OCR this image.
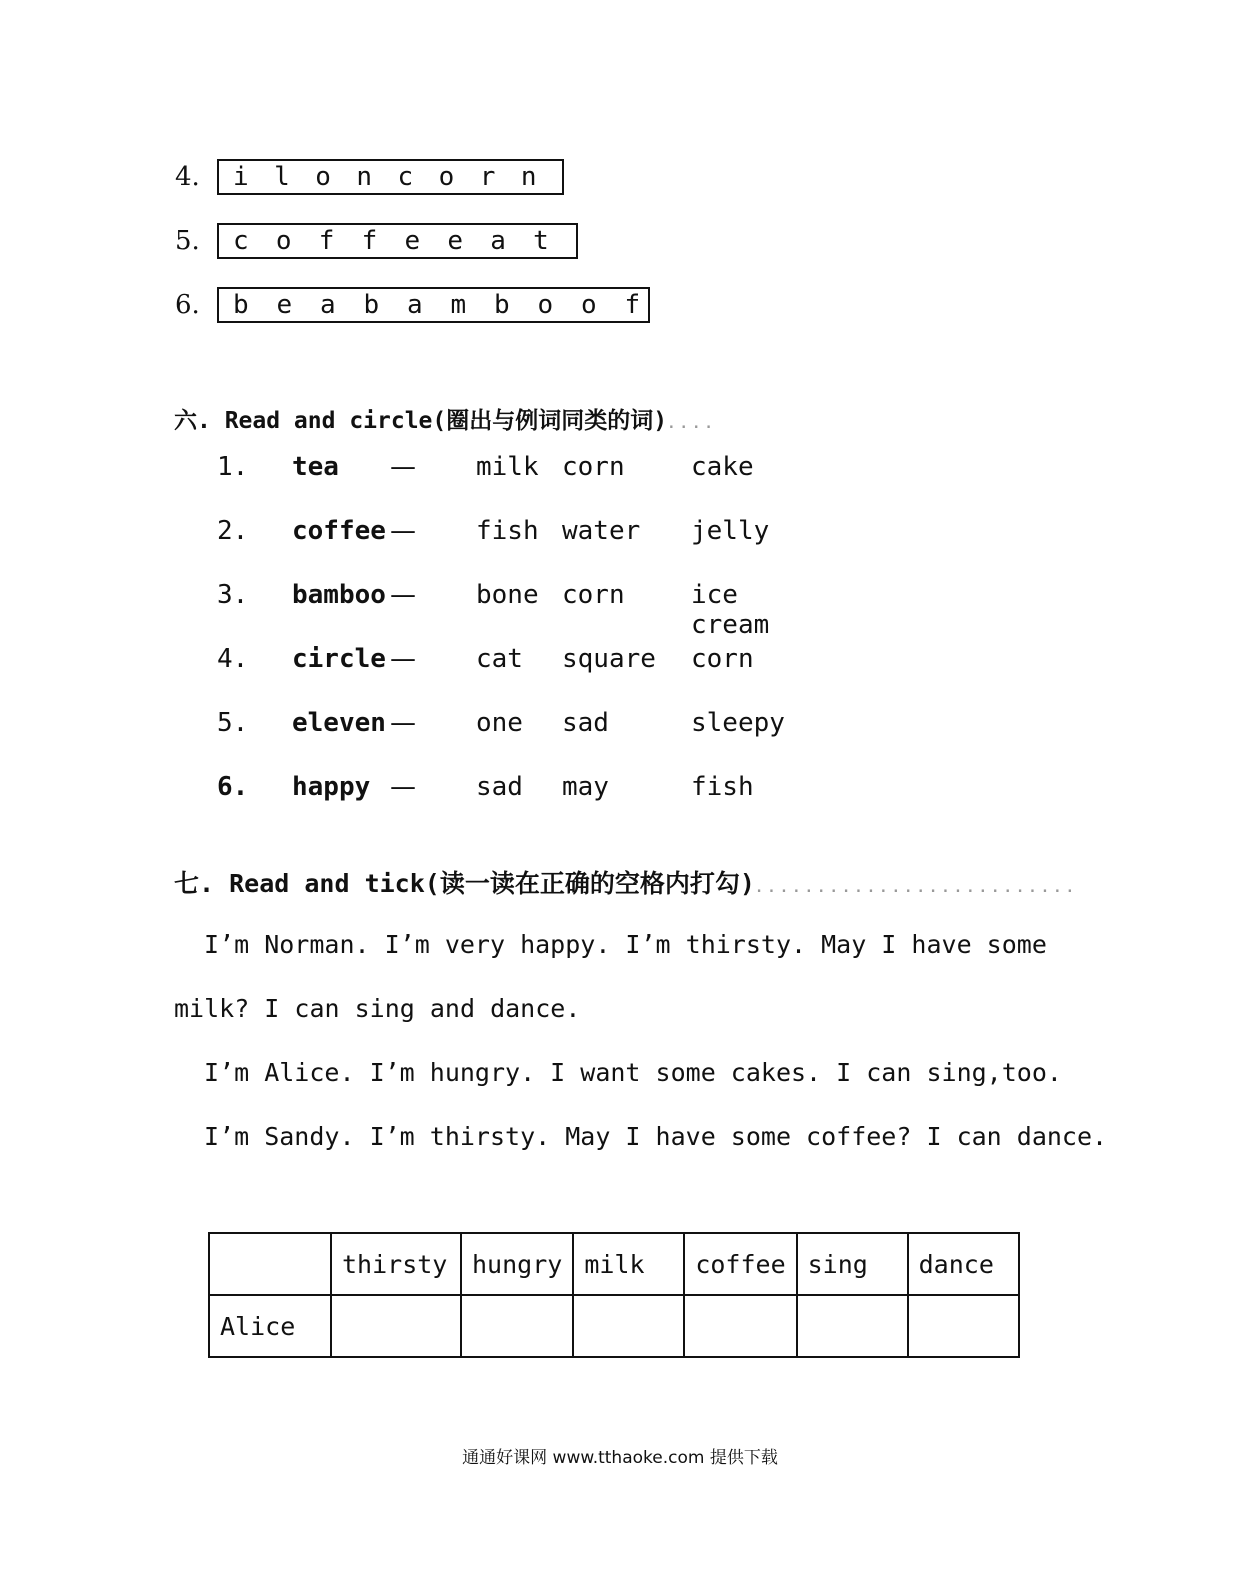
4.	i l o n c o r n
5.	c	o	f	f	e	e	a	t
6.	b	e	a	b	a	m	b	o	o	f
六. Read and circle(圈出与例词同类的词)....
1. tea — milk corn	cake
2. coffee — fish water jelly
3. bamboo — bone corn	ice cream
4. circle — cat square corn
5. eleven — one sad	sleepy
6. happy — sad may	fish
七. Read and tick(读一读在正确的空格内打勾)..........................
I’m Norman. I’m very happy. I’m thirsty. May I have some
milk? I can sing and dance.
I’m Alice. I’m hungry. I want some cakes. I can sing,too.
I’m Sandy. I’m thirsty. May I have some coffee? I can dance.
	thirsty	hungry	milk	coffee	sing	dance
Alice						
通通好课网 www.tthaoke.com 提供下载
